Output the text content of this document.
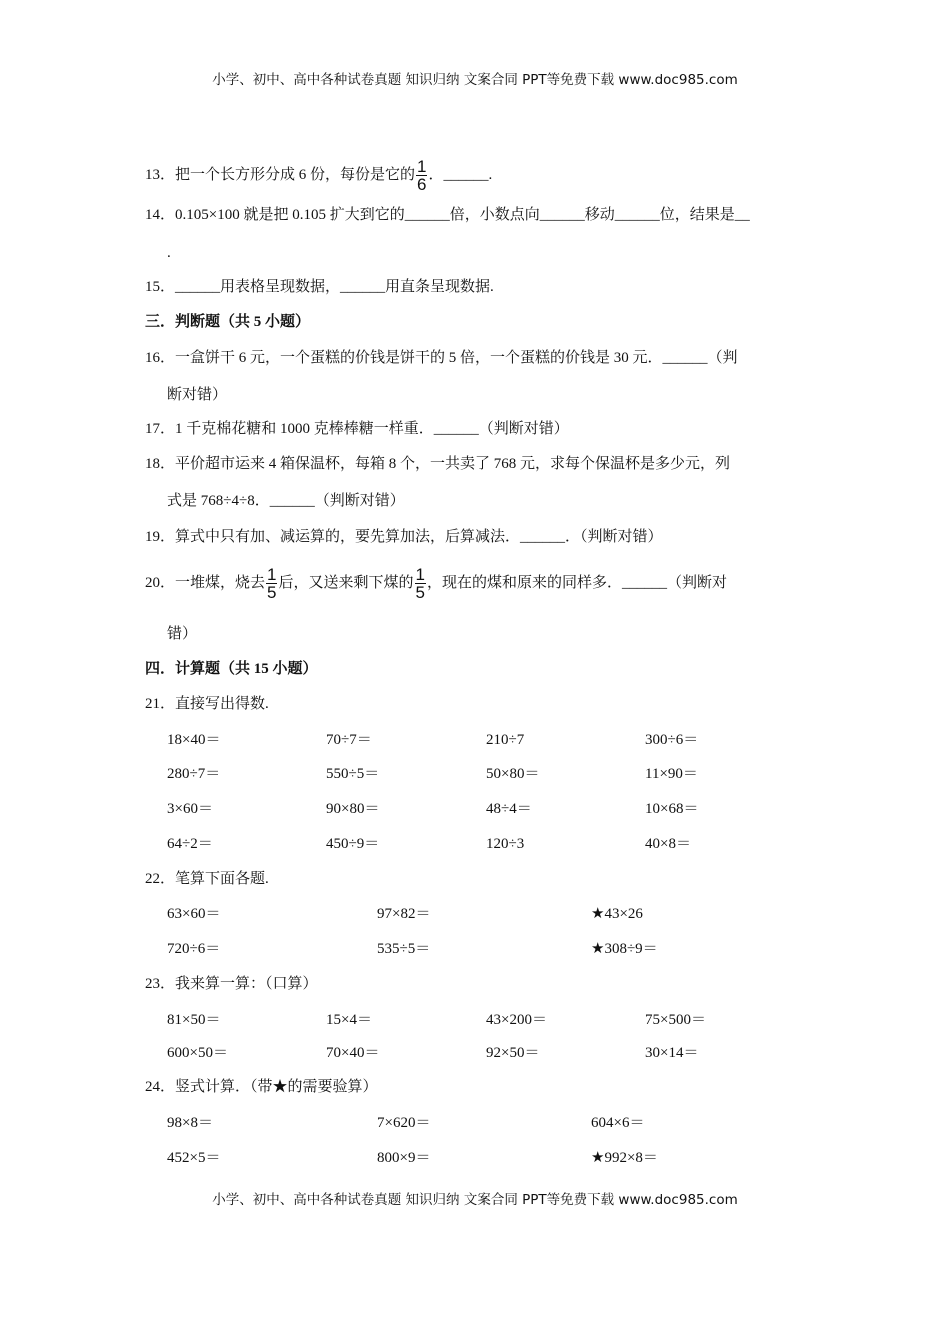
小学、初中、高中各种试卷真题 知识归纳 文案合同 PPT等免费下载 www.doc985.com
13．把一个长方形分成 6 份，每份是它的 $\frac{1}{6}$ ．______.
14．0.105×100 就是把 0.105 扩大到它的______倍，小数点向______移动______位，结果是__
.
15．______用表格呈现数据，______用直条呈现数据.
三．判断题（共 5 小题）
16．一盒饼干 6 元，一个蛋糕的价钱是饼干的 5 倍，一个蛋糕的价钱是 30 元．______（判
断对错）
17．1 千克棉花糖和 1000 克棒棒糖一样重．______（判断对错）
18．平价超市运来 4 箱保温杯，每箱 8 个，一共卖了 768 元，求每个保温杯是多少元，列
式是 768÷4÷8．______（判断对错）
19．算式中只有加、减运算的，要先算加法，后算减法．______．（判断对错）
20．一堆煤，烧去 $\frac{1}{5}$ 后，又送来剩下煤的 $\frac{1}{5}$ ，现在的煤和原来的同样多．______（判断对
错）
四．计算题（共 15 小题）
21．直接写出得数.
18×40＝	70÷7＝	210÷7	300÷6＝
280÷7＝	550÷5＝	50×80＝	11×90＝
3×60＝	90×80＝	48÷4＝	10×68＝
64÷2＝	450÷9＝	120÷3	40×8＝
22．笔算下面各题.
63×60＝	97×82＝	★43×26
720÷6＝	535÷5＝	★308÷9＝
23．我来算一算：（口算）
81×50＝	15×4＝	43×200＝	75×500＝
600×50＝	70×40＝	92×50＝	30×14＝
24．竖式计算．（带★的需要验算）
98×8＝	7×620＝	604×6＝
452×5＝	800×9＝	★992×8＝
小学、初中、高中各种试卷真题 知识归纳 文案合同 PPT等免费下载 www.doc985.com
